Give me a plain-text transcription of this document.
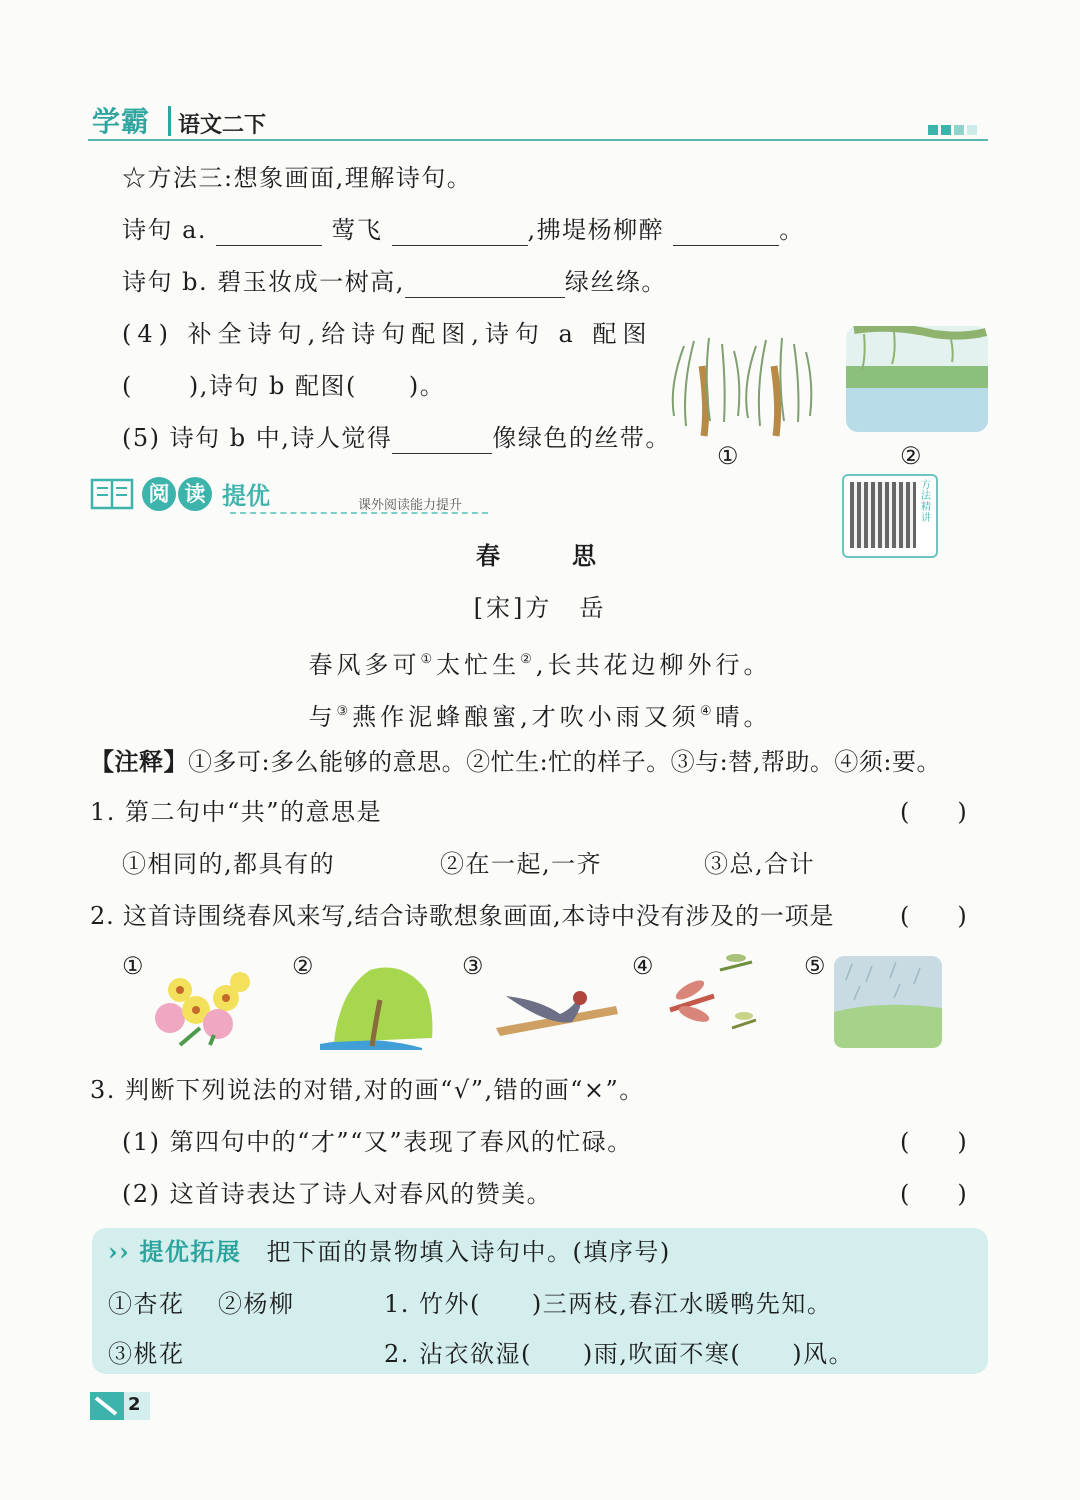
学霸 语文二下
☆方法三:想象画面,理解诗句。
诗句 a.	莺飞	,拂堤杨柳醉	。
诗句 b. 碧玉妆成一树高,	绿丝绦。
(4) 补全诗句,给诗句配图,诗句 a 配图
( ),诗句 b 配图( )。
(5) 诗句 b 中,诗人觉得	像绿色的丝带。
①	②
阅 读 提优	课外阅读能力提升
方法精讲
春　　思
[宋]方　岳
春风多可①太忙生②,长共花边柳外行。
与③燕作泥蜂酿蜜,才吹小雨又须④晴。
【注释】①多可:多么能够的意思。②忙生:忙的样子。③与:替,帮助。④须:要。
1. 第二句中“共”的意思是	(　　)
①相同的,都具有的	②在一起,一齐	③总,合计
2. 这首诗围绕春风来写,结合诗歌想象画面,本诗中没有涉及的一项是	(　　)
①	②	③	④	⑤
3. 判断下列说法的对错,对的画“√”,错的画“×”。
(1) 第四句中的“才”“又”表现了春风的忙碌。	(　　)
(2) 这首诗表达了诗人对春风的赞美。	(　　)
›› 提优拓展 把下面的景物填入诗句中。(填序号)
①杏花 ②杨柳	1. 竹外(　　)三两枝,春江水暖鸭先知。
③桃花	2. 沾衣欲湿(　　)雨,吹面不寒(　　)风。
2
